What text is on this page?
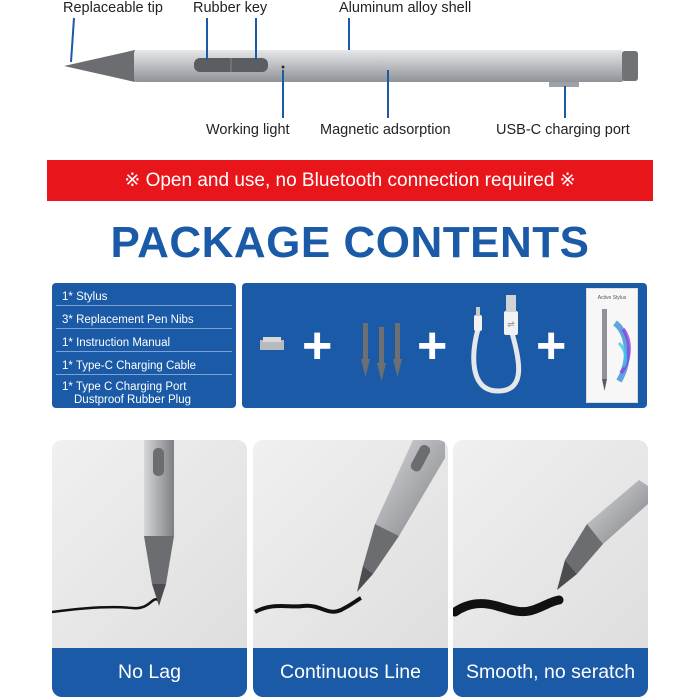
Replaceable tip Rubber key	Aluminum alloy shell
Working light Magnetic adsorption	USB-C charging port
※ Open and use, no Bluetooth connection required ※
PACKAGE CONTENTS
1* Stylus
3* Replacement Pen Nibs
1* Instruction Manual
1* Type-C Charging Cable
1* Type C Charging Port
Dustproof Rubber Plug
+ +	⇌ +
Active Stylus
No Lag	Continuous Line	Smooth, no seratch
